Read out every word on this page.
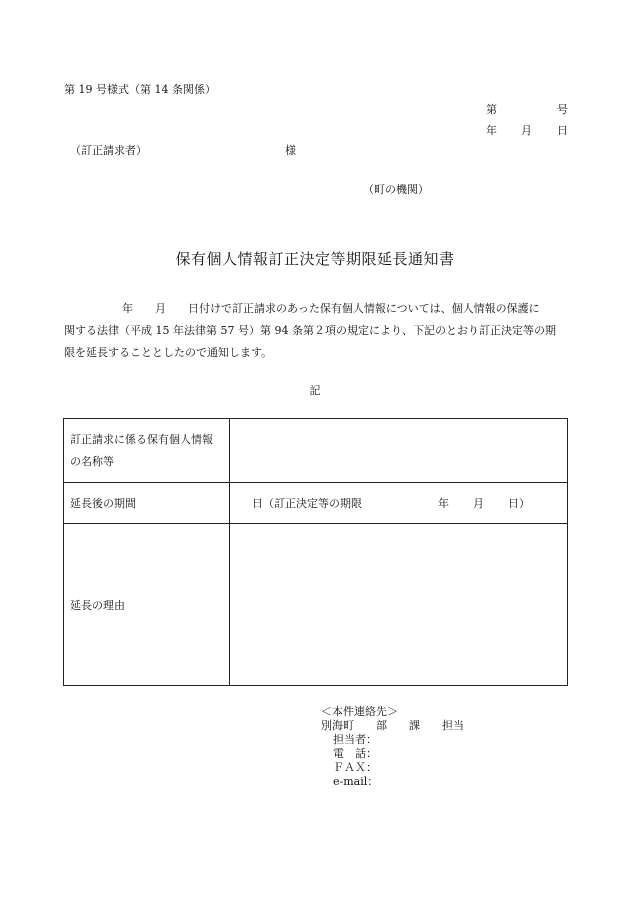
第 19 号様式（第 14 条関係）
第	号
年 月 日
（訂正請求者）	様
（町の機関）
保有個人情報訂正決定等期限延長通知書
年 月 日付けで訂正請求のあった保有個人情報については、個人情報の保護に
関する法律（平成 15 年法律第 57 号）第 94 条第２項の規定により、下記のとおり訂正決定等の期
限を延長することとしたので通知します。
記
訂正請求に係る保有個人情報
の名称等	
延長後の期間	日（訂正決定等の期限 年 月 日）
延長の理由	
＜本件連絡先＞
別海町 部 課 担当
担当者：
電　話：
ＦＡＸ：
e-mail：
